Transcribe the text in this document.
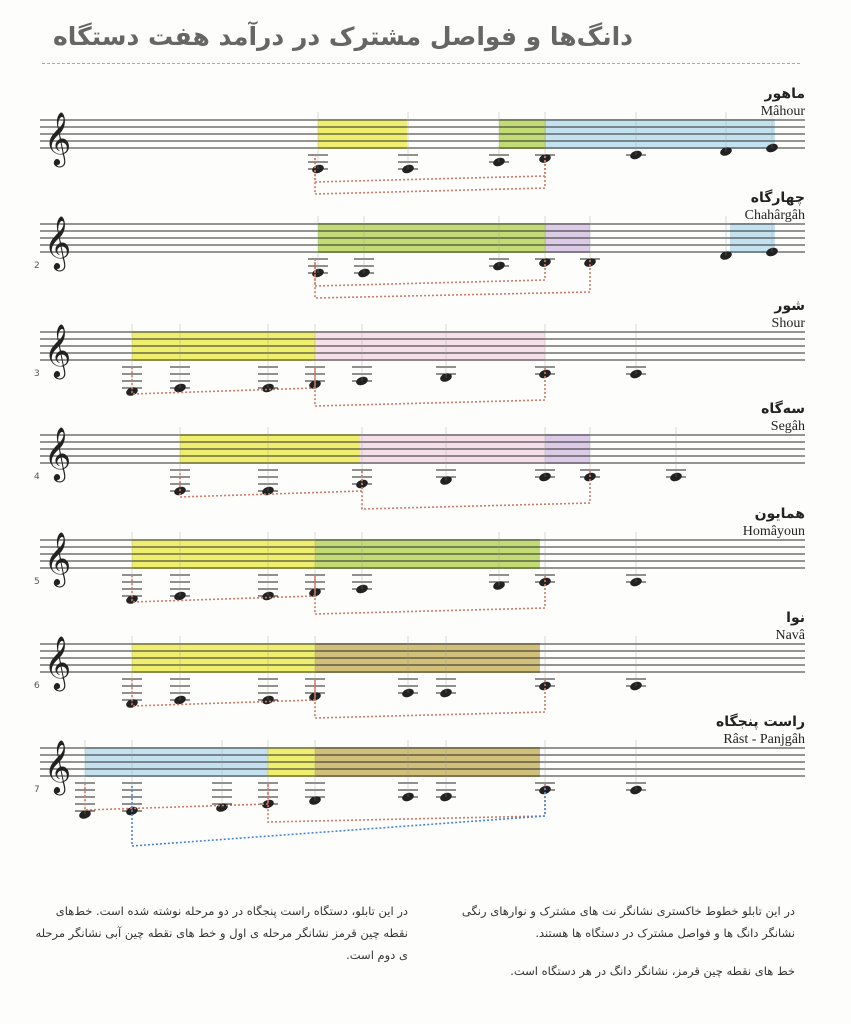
دانگ‌ها و فواصل مشترک در درآمد هفت دستگاه
𝄞
𝄞
𝄞
𝄞
𝄞
𝄞
𝄞
2
3
4
5
6
7
ماهور
Mâhour
چهارگاه
Chahârgâh
شور
Shour
سه‌گاه
Segâh
همایون
Homâyoun
نوا
Navâ
راست پنجگاه
Râst - Panjgâh

در این تابلو، دستگاه راست پنجگاه در دو مرحله نوشته شده است. خط‌های نقطه چین قرمز نشانگر مرحله ی اول و خط های نقطه چین آبی نشانگر مرحله ی دوم است.

در این تابلو خطوط خاکستری نشانگر نت های مشترک و نوارهای رنگی نشانگر دانگ ها و فواصل مشترک در دستگاه ها هستند.

خط های نقطه چین قرمز، نشانگر دانگ در هر دستگاه است.
